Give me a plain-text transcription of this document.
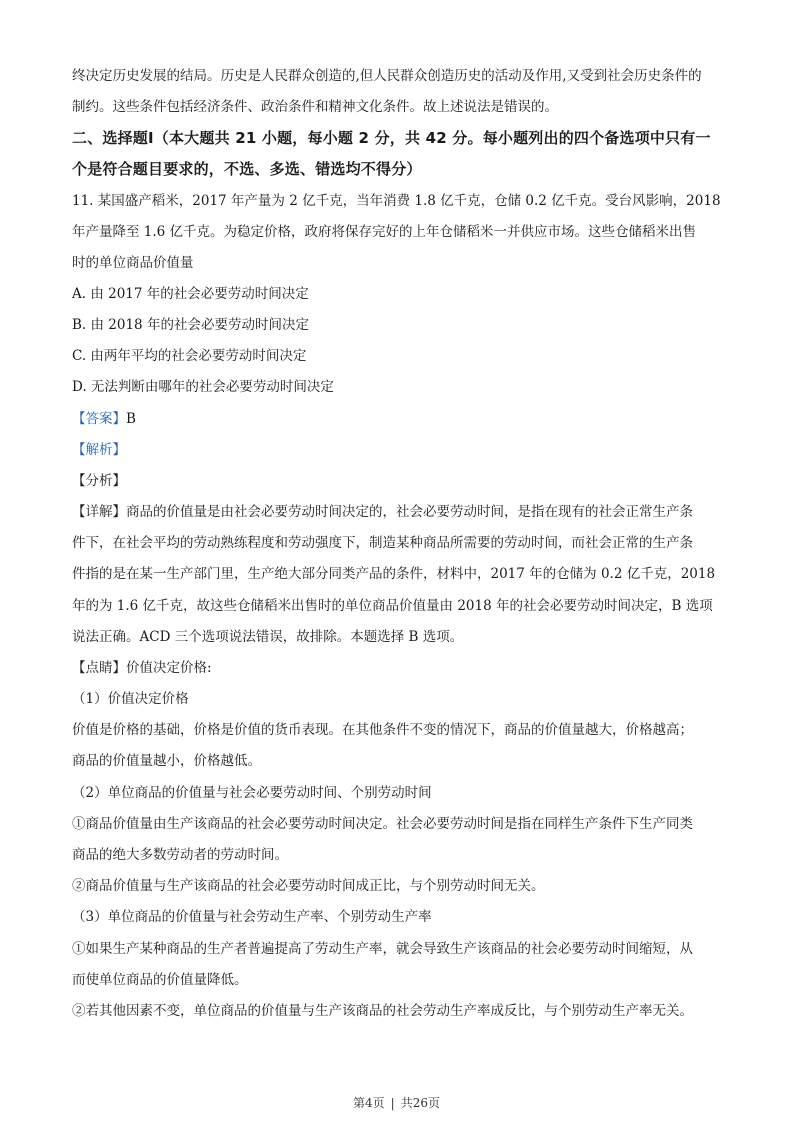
终决定历史发展的结局。历史是人民群众创造的,但人民群众创造历史的活动及作用,又受到社会历史条件的
制约。这些条件包括经济条件、政治条件和精神文化条件。故上述说法是错误的。
二、选择题Ⅰ（本大题共 21 小题，每小题 2 分，共 42 分。每小题列出的四个备选项中只有一
个是符合题目要求的，不选、多选、错选均不得分）
11. 某国盛产稻米，2017 年产量为 2 亿千克，当年消费 1.8 亿千克，仓储 0.2 亿千克。受台风影响，2018
年产量降至 1.6 亿千克。为稳定价格，政府将保存完好的上年仓储稻米一并供应市场。这些仓储稻米出售
时的单位商品价值量
A. 由 2017 年的社会必要劳动时间决定
B. 由 2018 年的社会必要劳动时间决定
C. 由两年平均的社会必要劳动时间决定
D. 无法判断由哪年的社会必要劳动时间决定
【答案】B
【解析】
【分析】
【详解】商品的价值量是由社会必要劳动时间决定的，社会必要劳动时间，是指在现有的社会正常生产条
件下，在社会平均的劳动熟练程度和劳动强度下，制造某种商品所需要的劳动时间，而社会正常的生产条
件指的是在某一生产部门里，生产绝大部分同类产品的条件，材料中，2017 年的仓储为 0.2 亿千克，2018
年的为 1.6 亿千克，故这些仓储稻米出售时的单位商品价值量由 2018 年的社会必要劳动时间决定，B 选项
说法正确。ACD 三个选项说法错误，故排除。本题选择 B 选项。
【点睛】价值决定价格:
（1）价值决定价格
价值是价格的基础，价格是价值的货币表现。在其他条件不变的情况下，商品的价值量越大，价格越高；
商品的价值量越小，价格越低。
（2）单位商品的价值量与社会必要劳动时间、个别劳动时间
①商品价值量由生产该商品的社会必要劳动时间决定。社会必要劳动时间是指在同样生产条件下生产同类
商品的绝大多数劳动者的劳动时间。
②商品价值量与生产该商品的社会必要劳动时间成正比，与个别劳动时间无关。
（3）单位商品的价值量与社会劳动生产率、个别劳动生产率
①如果生产某种商品的生产者普遍提高了劳动生产率，就会导致生产该商品的社会必要劳动时间缩短，从
而使单位商品的价值量降低。
②若其他因素不变，单位商品的价值量与生产该商品的社会劳动生产率成反比，与个别劳动生产率无关。
第4页 | 共26页
